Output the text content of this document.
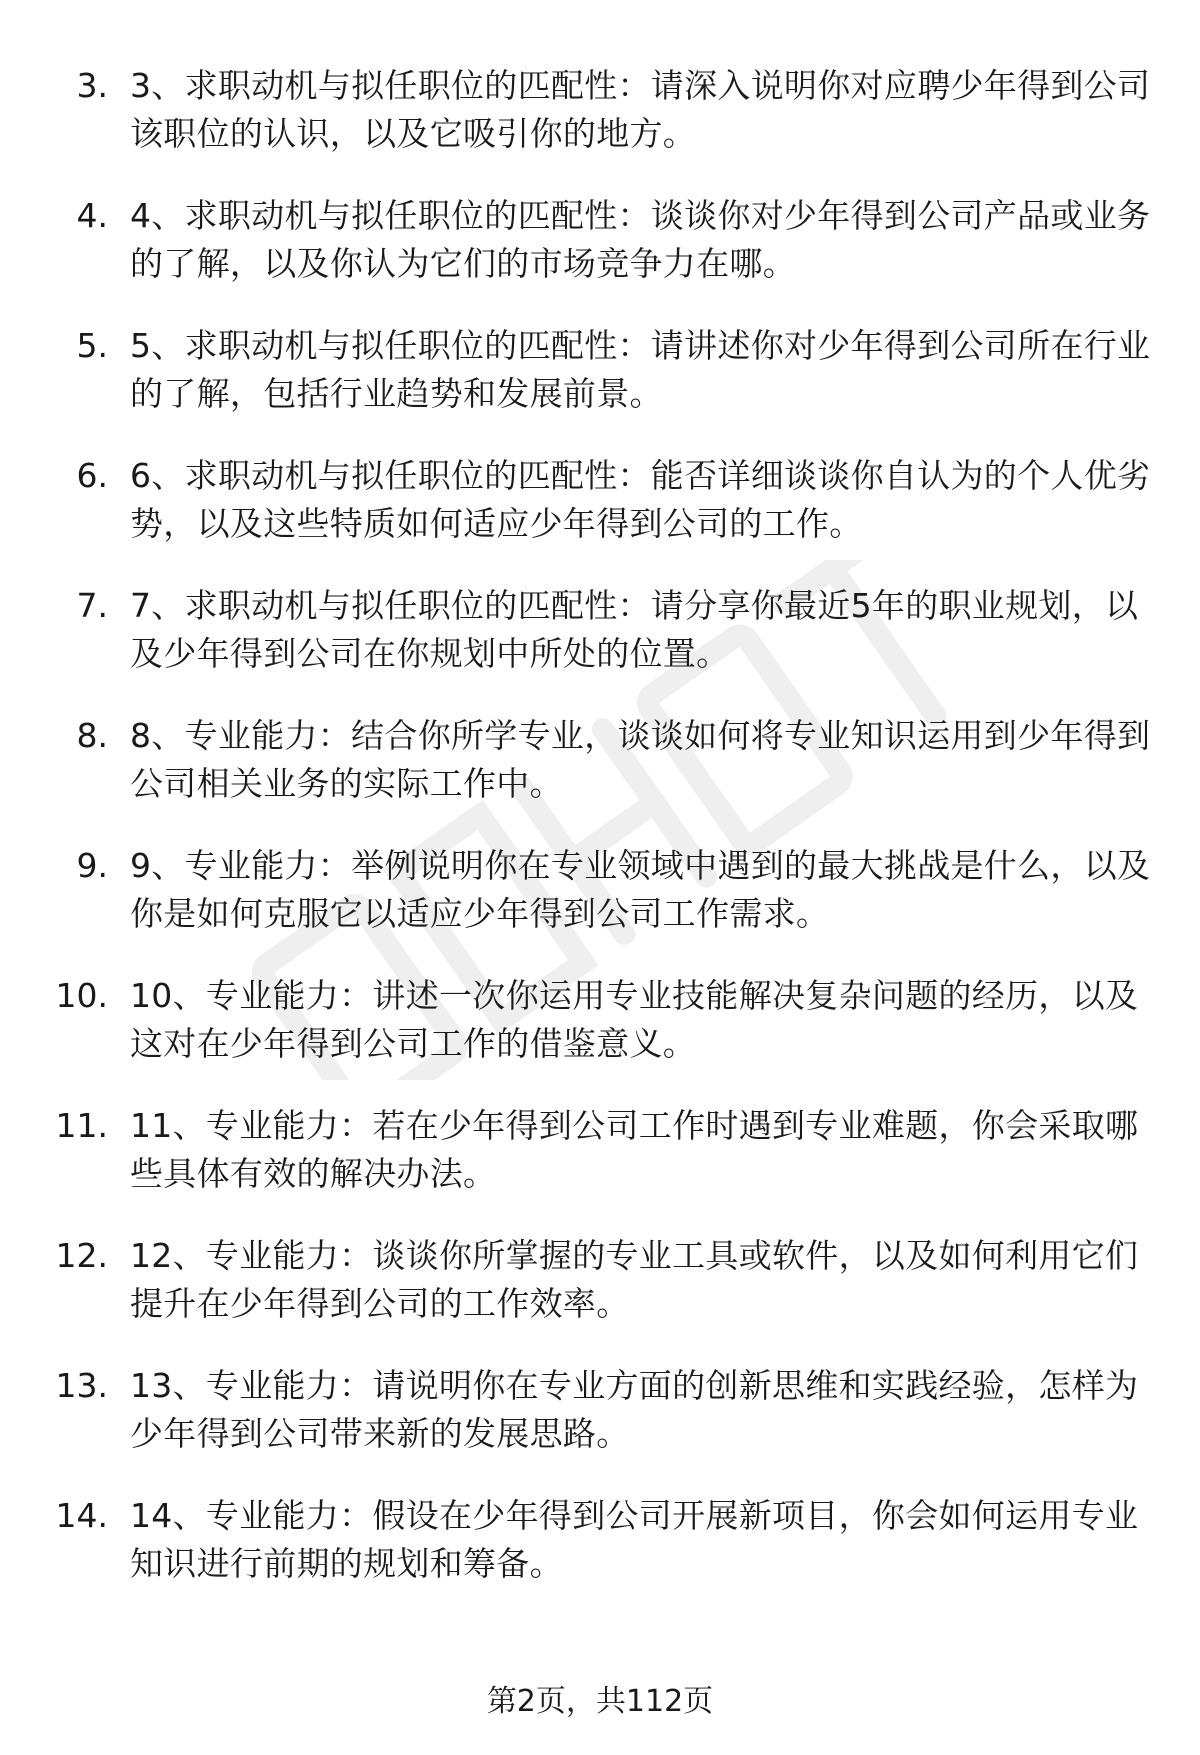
3. 3、求职动机与拟任职位的匹配性：请深入说明你对应聘少年得到公司该职位的认识，以及它吸引你的地方。
4. 4、求职动机与拟任职位的匹配性：谈谈你对少年得到公司产品或业务的了解，以及你认为它们的市场竞争力在哪。
5. 5、求职动机与拟任职位的匹配性：请讲述你对少年得到公司所在行业的了解，包括行业趋势和发展前景。
6. 6、求职动机与拟任职位的匹配性：能否详细谈谈你自认为的个人优劣势，以及这些特质如何适应少年得到公司的工作。
7. 7、求职动机与拟任职位的匹配性：请分享你最近5年的职业规划，以及少年得到公司在你规划中所处的位置。
8. 8、专业能力：结合你所学专业，谈谈如何将专业知识运用到少年得到公司相关业务的实际工作中。
9. 9、专业能力：举例说明你在专业领域中遇到的最大挑战是什么，以及你是如何克服它以适应少年得到公司工作需求。
10. 10、专业能力：讲述一次你运用专业技能解决复杂问题的经历，以及这对在少年得到公司工作的借鉴意义。
11. 11、专业能力：若在少年得到公司工作时遇到专业难题，你会采取哪些具体有效的解决办法。
12. 12、专业能力：谈谈你所掌握的专业工具或软件，以及如何利用它们提升在少年得到公司的工作效率。
13. 13、专业能力：请说明你在专业方面的创新思维和实践经验，怎样为少年得到公司带来新的发展思路。
14. 14、专业能力：假设在少年得到公司开展新项目，你会如何运用专业知识进行前期的规划和筹备。
第2页，共112页
